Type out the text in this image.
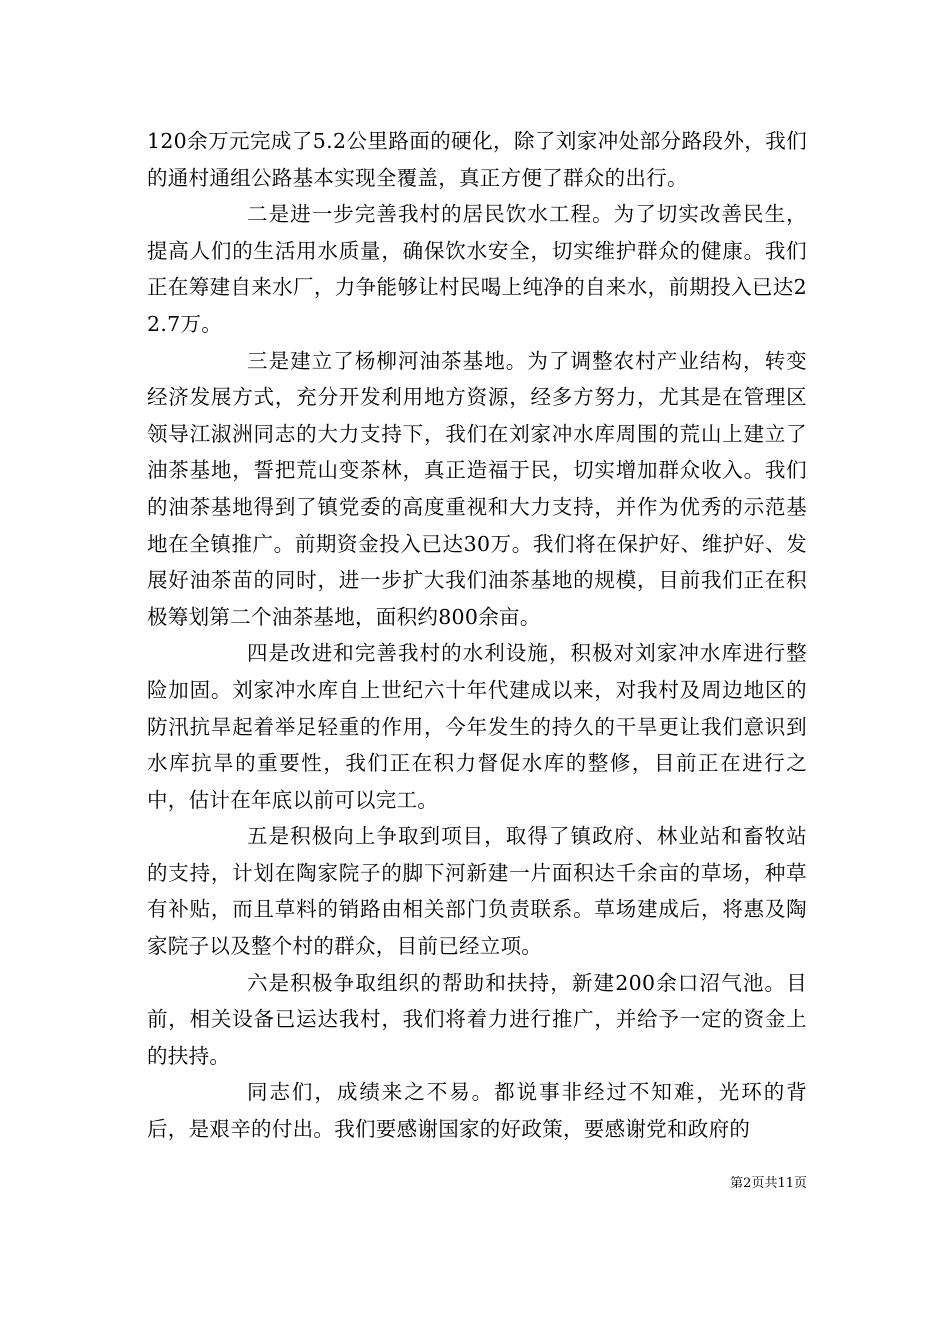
120余万元完成了5.2公里路面的硬化，除了刘家冲处部分路段外，我们的通村通组公路基本实现全覆盖，真正方便了群众的出行。

二是进一步完善我村的居民饮水工程。为了切实改善民生，提高人们的生活用水质量，确保饮水安全，切实维护群众的健康。我们正在筹建自来水厂，力争能够让村民喝上纯净的自来水，前期投入已达22.7万。

三是建立了杨柳河油茶基地。为了调整农村产业结构，转变经济发展方式，充分开发利用地方资源，经多方努力，尤其是在管理区领导江淑洲同志的大力支持下，我们在刘家冲水库周围的荒山上建立了油茶基地，誓把荒山变茶林，真正造福于民，切实增加群众收入。我们的油茶基地得到了镇党委的高度重视和大力支持，并作为优秀的示范基地在全镇推广。前期资金投入已达30万。我们将在保护好、维护好、发展好油茶苗的同时，进一步扩大我们油茶基地的规模，目前我们正在积极筹划第二个油茶基地，面积约800余亩。

四是改进和完善我村的水利设施，积极对刘家冲水库进行整险加固。刘家冲水库自上世纪六十年代建成以来，对我村及周边地区的防汛抗旱起着举足轻重的作用，今年发生的持久的干旱更让我们意识到水库抗旱的重要性，我们正在积力督促水库的整修，目前正在进行之中，估计在年底以前可以完工。

五是积极向上争取到项目，取得了镇政府、林业站和畜牧站的支持，计划在陶家院子的脚下河新建一片面积达千余亩的草场，种草有补贴，而且草料的销路由相关部门负责联系。草场建成后，将惠及陶家院子以及整个村的群众，目前已经立项。

六是积极争取组织的帮助和扶持，新建200余口沼气池。目前，相关设备已运达我村，我们将着力进行推广，并给予一定的资金上的扶持。

同志们，成绩来之不易。都说事非经过不知难，光环的背后，是艰辛的付出。我们要感谢国家的好政策，要感谢党和政府的

第2页共11页
